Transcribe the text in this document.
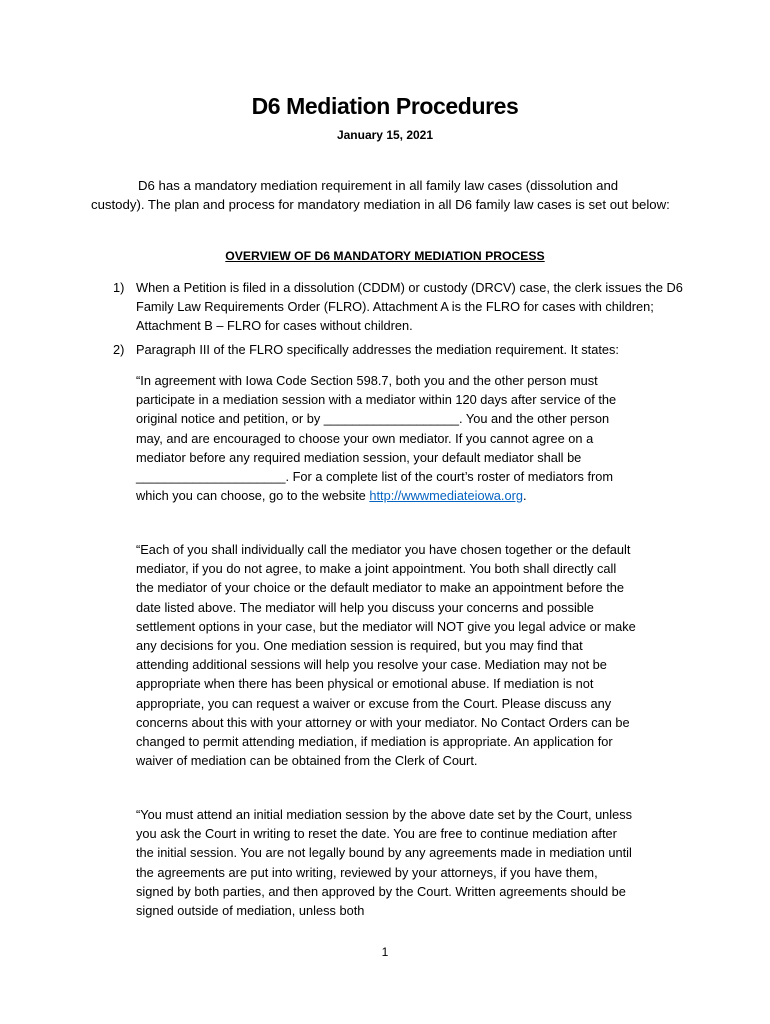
D6 Mediation Procedures
January 15, 2021

D6 has a mandatory mediation requirement in all family law cases (dissolution and custody). The plan and process for mandatory mediation in all D6 family law cases is set out below:

OVERVIEW OF D6 MANDATORY MEDIATION PROCESS
1) When a Petition is filed in a dissolution (CDDM) or custody (DRCV) case, the clerk issues the D6 Family Law Requirements Order (FLRO). Attachment A is the FLRO for cases with children; Attachment B – FLRO for cases without children.
2) Paragraph III of the FLRO specifically addresses the mediation requirement. It states:

“In agreement with Iowa Code Section 598.7, both you and the other person must participate in a mediation session with a mediator within 120 days after service of the original notice and petition, or by ___________________. You and the other person may, and are encouraged to choose your own mediator. If you cannot agree on a mediator before any required mediation session, your default mediator shall be _____________________. For a complete list of the court’s roster of mediators from which you can choose, go to the website http://wwwmediateiowa.org.

“Each of you shall individually call the mediator you have chosen together or the default mediator, if you do not agree, to make a joint appointment. You both shall directly call the mediator of your choice or the default mediator to make an appointment before the date listed above. The mediator will help you discuss your concerns and possible settlement options in your case, but the mediator will NOT give you legal advice or make any decisions for you. One mediation session is required, but you may find that attending additional sessions will help you resolve your case. Mediation may not be appropriate when there has been physical or emotional abuse. If mediation is not appropriate, you can request a waiver or excuse from the Court. Please discuss any concerns about this with your attorney or with your mediator. No Contact Orders can be changed to permit attending mediation, if mediation is appropriate. An application for waiver of mediation can be obtained from the Clerk of Court.

“You must attend an initial mediation session by the above date set by the Court, unless you ask the Court in writing to reset the date. You are free to continue mediation after the initial session. You are not legally bound by any agreements made in mediation until the agreements are put into writing, reviewed by your attorneys, if you have them, signed by both parties, and then approved by the Court. Written agreements should be signed outside of mediation, unless both

1
